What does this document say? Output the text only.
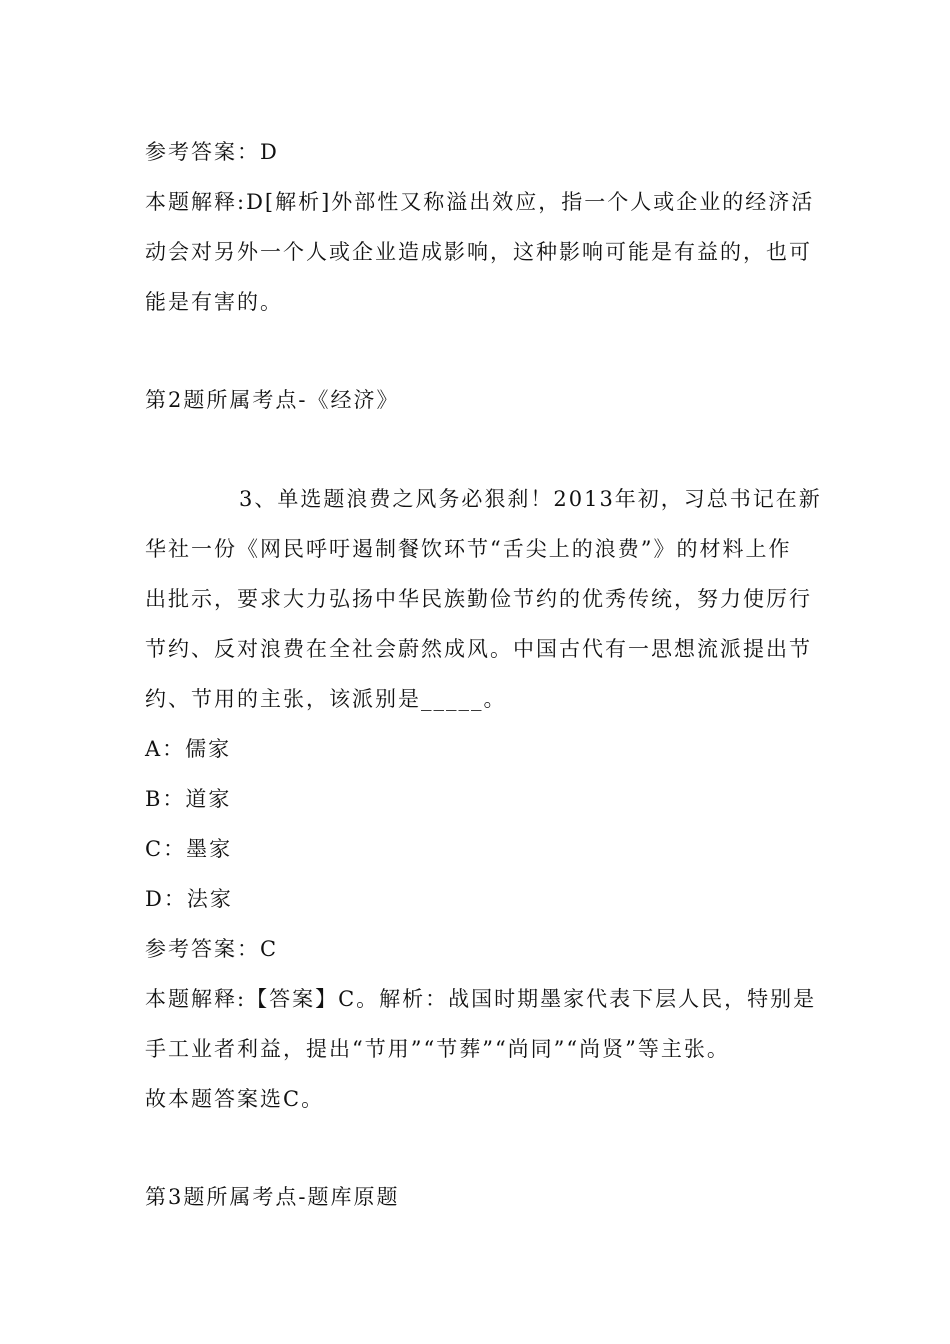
参考答案：D
本题解释:D[解析]外部性又称溢出效应，指一个人或企业的经济活
动会对另外一个人或企业造成影响，这种影响可能是有益的，也可
能是有害的。
第2题所属考点-《经济》
3、单选题浪费之风务必狠刹！2013年初，习总书记在新
华社一份《网民呼吁遏制餐饮环节“舌尖上的浪费”》的材料上作
出批示，要求大力弘扬中华民族勤俭节约的优秀传统，努力使厉行
节约、反对浪费在全社会蔚然成风。中国古代有一思想流派提出节
约、节用的主张，该派别是_____。
A：儒家
B：道家
C：墨家
D：法家
参考答案：C
本题解释:【答案】C。解析：战国时期墨家代表下层人民，特别是
手工业者利益，提出“节用”“节葬”“尚同”“尚贤”等主张。
故本题答案选C。
第3题所属考点-题库原题
